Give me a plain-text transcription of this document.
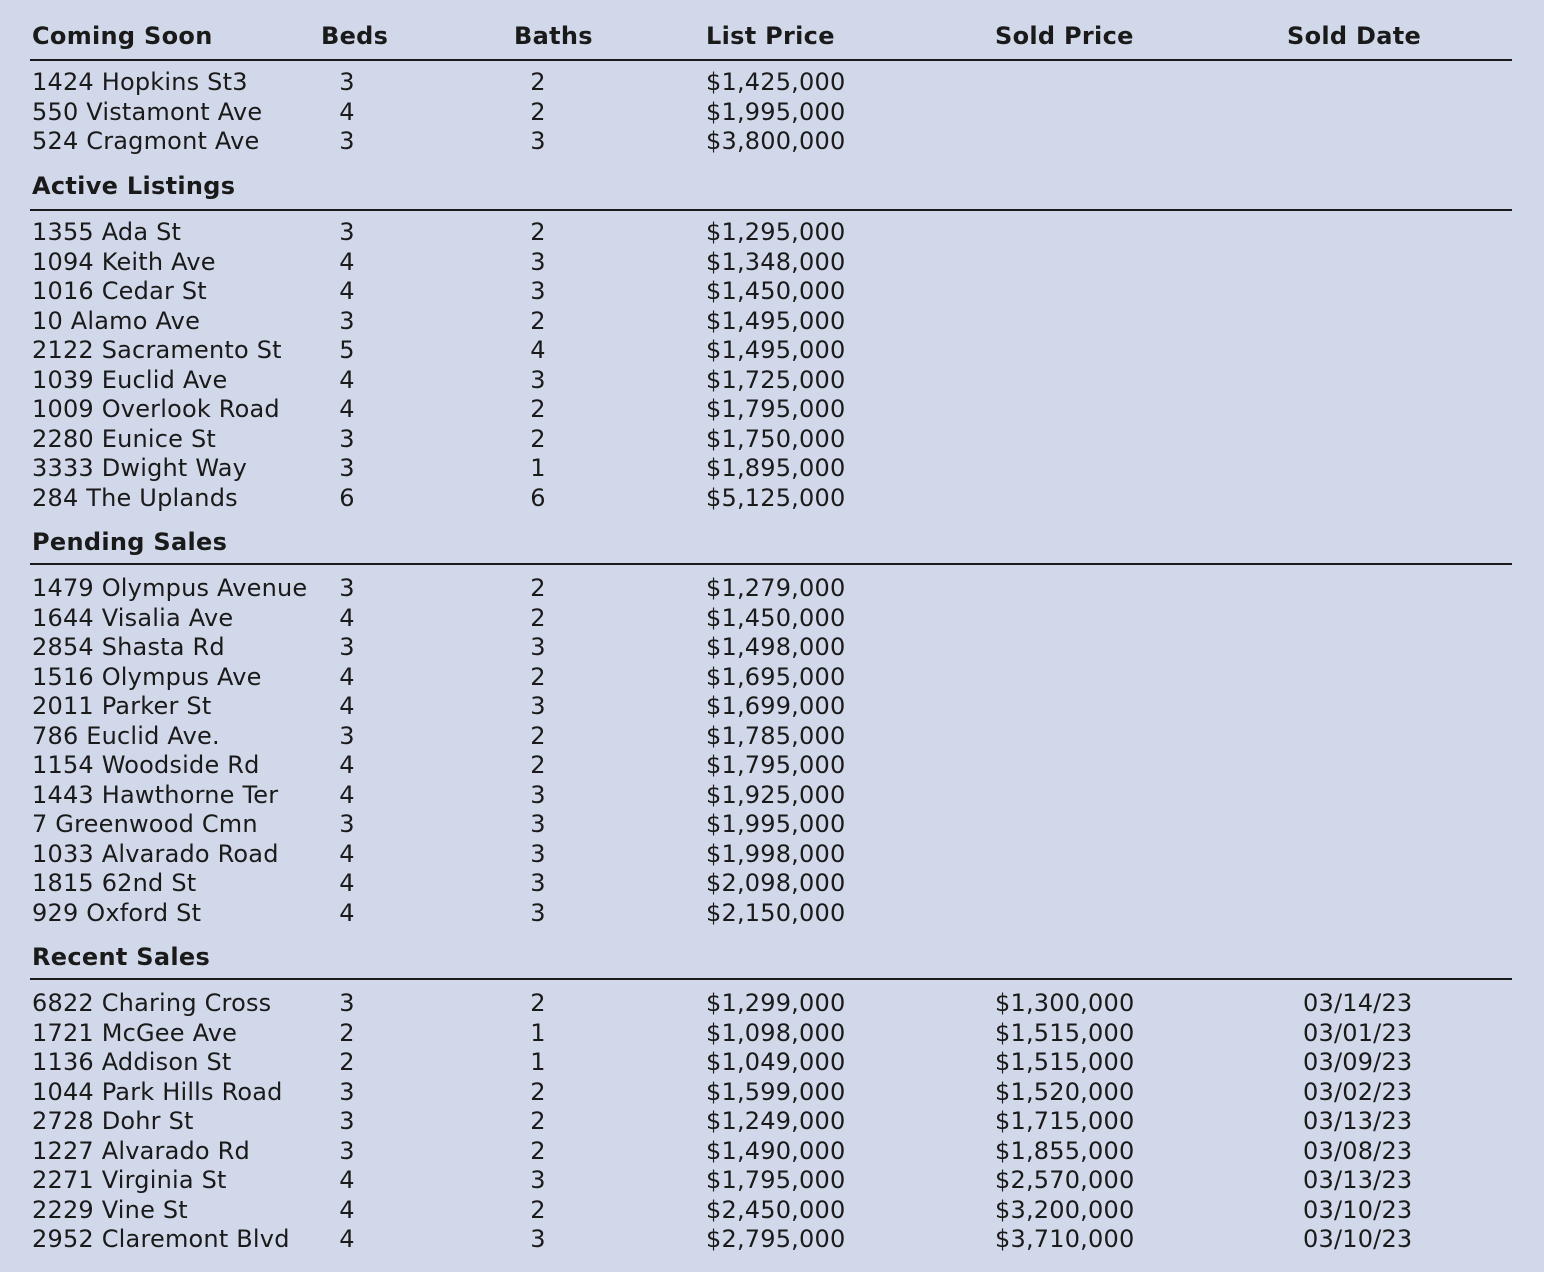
Coming Soon	Beds	Baths	List Price	Sold Price	Sold Date
1424 Hopkins St3	3	2	$1,425,000
550 Vistamont Ave	4	2	$1,995,000
524 Cragmont Ave	3	3	$3,800,000
Active Listings
1355 Ada St	3	2	$1,295,000
1094 Keith Ave	4	3	$1,348,000
1016 Cedar St	4	3	$1,450,000
10 Alamo Ave	3	2	$1,495,000
2122 Sacramento St 5	4	$1,495,000
1039 Euclid Ave	4	3	$1,725,000
1009 Overlook Road 4	2	$1,795,000
2280 Eunice St	3	2	$1,750,000
3333 Dwight Way	3	1	$1,895,000
284 The Uplands	6	6	$5,125,000
Pending Sales
1479 Olympus Avenue 3	2	$1,279,000
1644 Visalia Ave	4	2	$1,450,000
2854 Shasta Rd	3	3	$1,498,000
1516 Olympus Ave	4	2	$1,695,000
2011 Parker St	4	3	$1,699,000
786 Euclid Ave.	3	2	$1,785,000
1154 Woodside Rd	4	2	$1,795,000
1443 Hawthorne Ter	4	3	$1,925,000
7 Greenwood Cmn	3	3	$1,995,000
1033 Alvarado Road	4	3	$1,998,000
1815 62nd St	4	3	$2,098,000
929 Oxford St	4	3	$2,150,000
Recent Sales
6822 Charing Cross	3	2	$1,299,000	$1,300,000	03/14/23
1721 McGee Ave	2	1	$1,098,000	$1,515,000	03/01/23
1136 Addison St	2	1	$1,049,000	$1,515,000	03/09/23
1044 Park Hills Road 3	2	$1,599,000	$1,520,000	03/02/23
2728 Dohr St	3	2	$1,249,000	$1,715,000	03/13/23
1227 Alvarado Rd	3	2	$1,490,000	$1,855,000	03/08/23
2271 Virginia St	4	3	$1,795,000	$2,570,000	03/13/23
2229 Vine St	4	2	$2,450,000	$3,200,000	03/10/23
2952 Claremont Blvd 4	3	$2,795,000	$3,710,000	03/10/23
